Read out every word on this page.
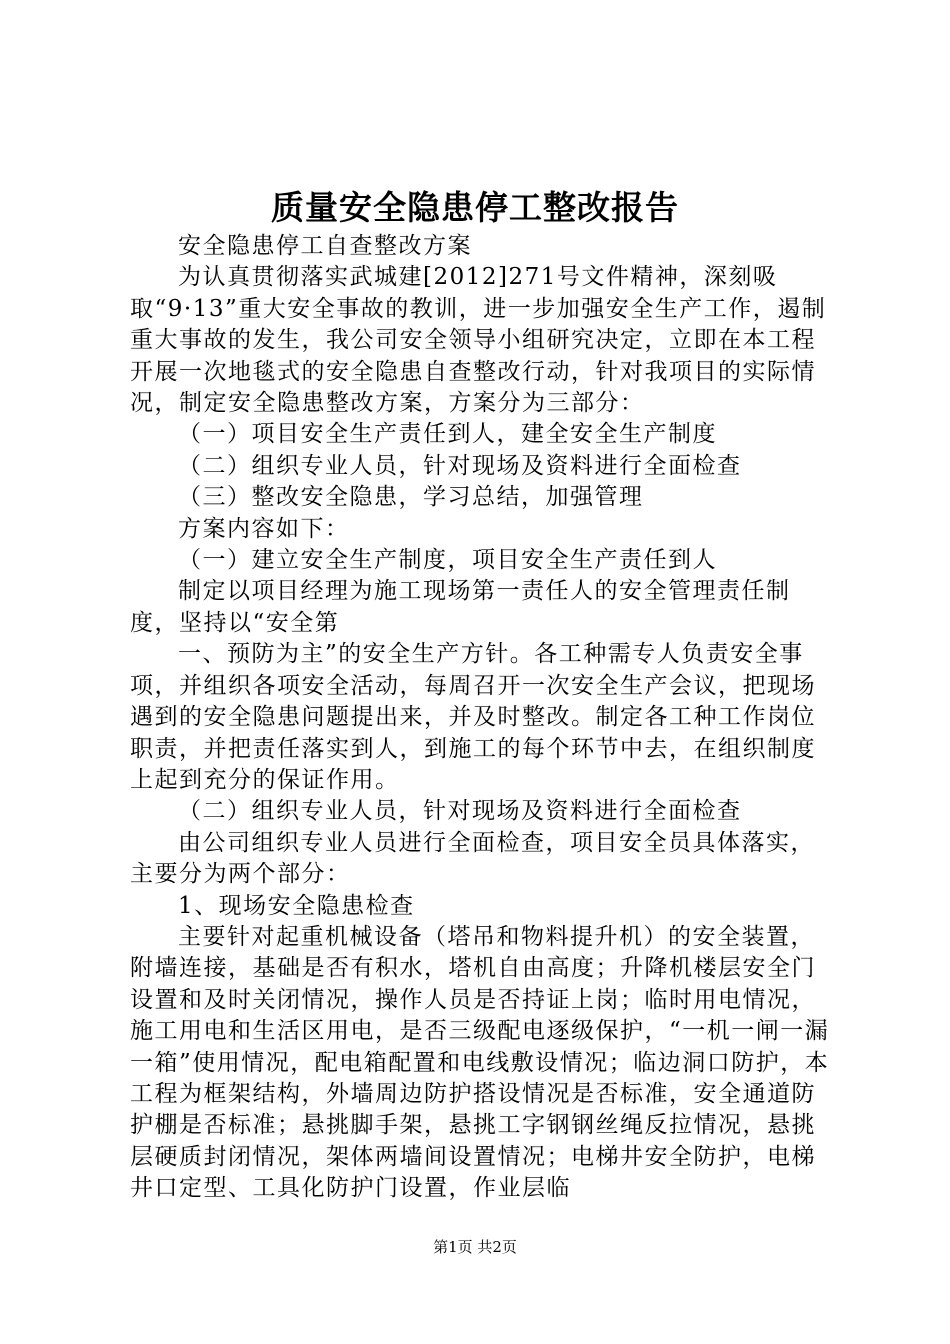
质量安全隐患停工整改报告

安全隐患停工自查整改方案

为认真贯彻落实武城建[2012]271号文件精神，深刻吸取“9·13”重大安全事故的教训，进一步加强安全生产工作，遏制重大事故的发生，我公司安全领导小组研究决定，立即在本工程开展一次地毯式的安全隐患自查整改行动，针对我项目的实际情况，制定安全隐患整改方案，方案分为三部分：

（一）项目安全生产责任到人，建全安全生产制度

（二）组织专业人员，针对现场及资料进行全面检查

（三）整改安全隐患，学习总结，加强管理

方案内容如下：

（一）建立安全生产制度，项目安全生产责任到人

制定以项目经理为施工现场第一责任人的安全管理责任制度，坚持以“安全第

一、预防为主”的安全生产方针。各工种需专人负责安全事项，并组织各项安全活动，每周召开一次安全生产会议，把现场遇到的安全隐患问题提出来，并及时整改。制定各工种工作岗位职责，并把责任落实到人，到施工的每个环节中去，在组织制度上起到充分的保证作用。

（二）组织专业人员，针对现场及资料进行全面检查

由公司组织专业人员进行全面检查，项目安全员具体落实，主要分为两个部分：

1、现场安全隐患检查

主要针对起重机械设备（塔吊和物料提升机）的安全装置，附墙连接，基础是否有积水，塔机自由高度；升降机楼层安全门设置和及时关闭情况，操作人员是否持证上岗；临时用电情况，施工用电和生活区用电，是否三级配电逐级保护，“一机一闸一漏一箱”使用情况，配电箱配置和电线敷设情况；临边洞口防护，本工程为框架结构，外墙周边防护搭设情况是否标准，安全通道防护棚是否标准；悬挑脚手架，悬挑工字钢钢丝绳反拉情况，悬挑层硬质封闭情况，架体两墙间设置情况；电梯井安全防护，电梯井口定型、工具化防护门设置，作业层临

第1页 共2页
